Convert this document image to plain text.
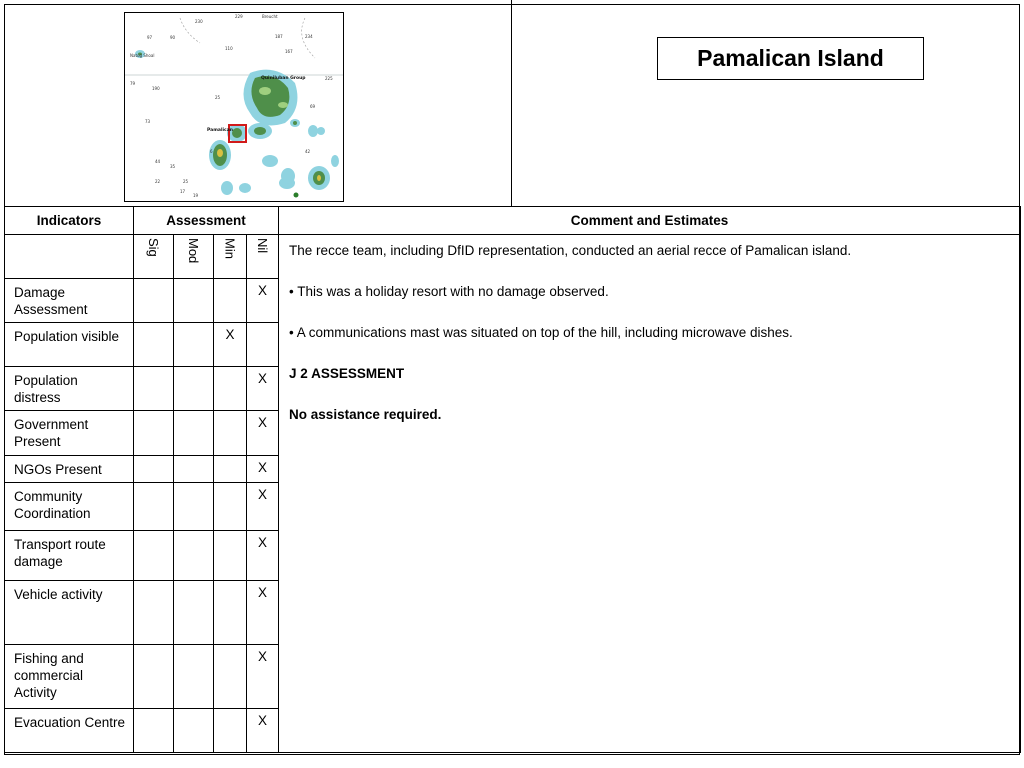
230
229	Breucht
97	90
110
234
187
167
Natug Shoal
79
190
225
73
44
35
6
25
69
42
25
22
17
19
Quiniluban Group
Pamalican
Pamalican Island
Indicators	Assessment				Comment and Estimates

	Sig	Mod	Min	Nil	The recce team, including DfID representation, conducted an aerial recce of Pamalican island.

• This was a holiday resort with no damage observed.

• A communications mast was situated on top of the hill, including microwave dishes.

J 2 ASSESSMENT

No assistance required.

Damage Assessment				X	
Population visible			X		
Population distress				X	
Government Present				X	
NGOs Present				X	
Community Coordination				X	
Transport route damage				X	
Vehicle activity				X	
Fishing and commercial Activity				X	
Evacuation Centre				X	
